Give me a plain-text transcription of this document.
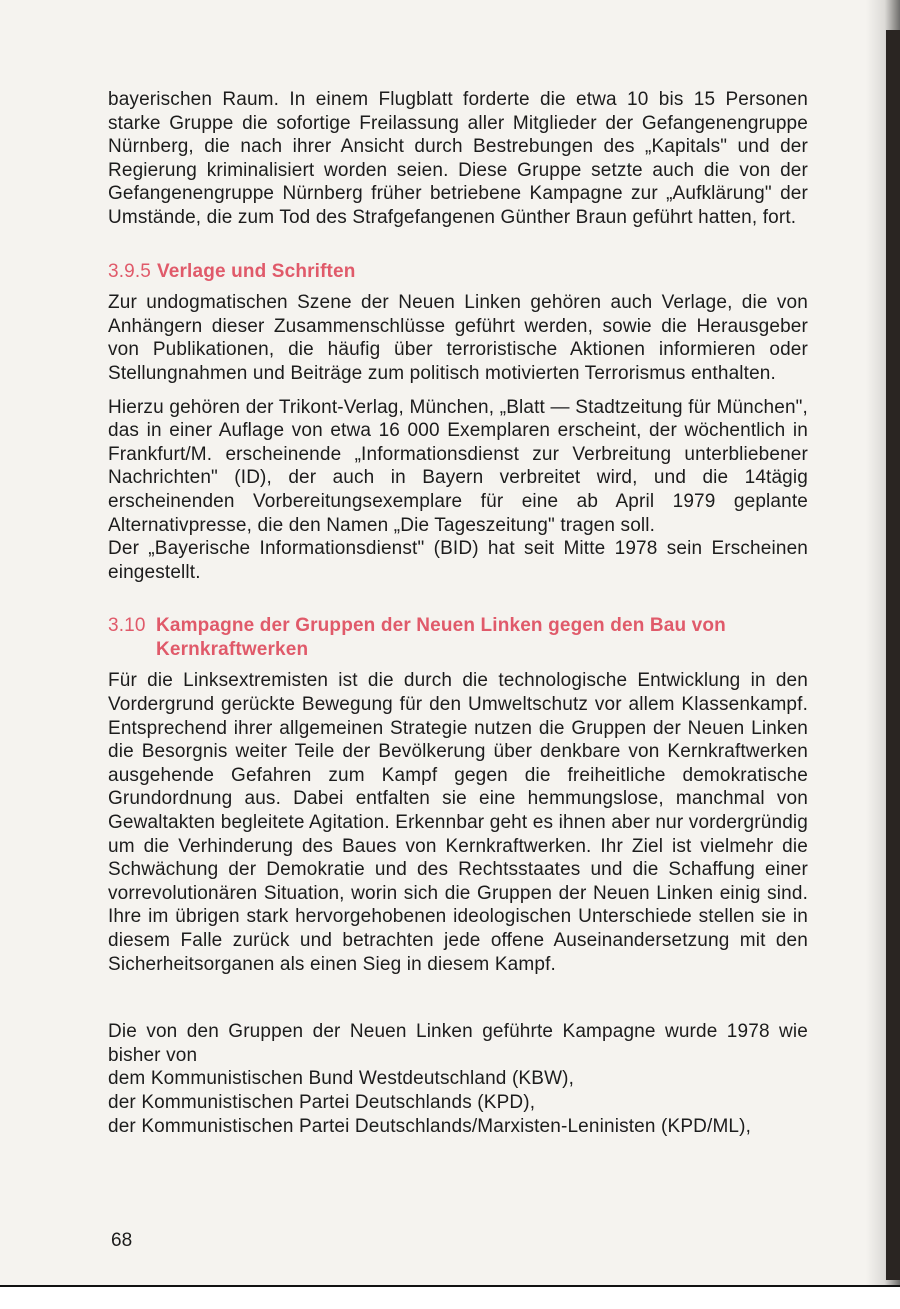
bayerischen Raum. In einem Flugblatt forderte die etwa 10 bis 15 Personen starke Gruppe die sofortige Freilassung aller Mitglieder der Gefangenengruppe Nürnberg, die nach ihrer Ansicht durch Bestrebungen des „Kapitals" und der Regierung kriminalisiert worden seien. Diese Gruppe setzte auch die von der Gefangenengruppe Nürnberg früher betriebene Kampagne zur „Aufklärung" der Umstände, die zum Tod des Strafgefangenen Günther Braun geführt hatten, fort.

3.9.5 Verlage und Schriften

Zur undogmatischen Szene der Neuen Linken gehören auch Verlage, die von Anhängern dieser Zusammenschlüsse geführt werden, sowie die Herausgeber von Publikationen, die häufig über terroristische Aktionen informieren oder Stellungnahmen und Beiträge zum politisch motivierten Terrorismus enthalten.

Hierzu gehören der Trikont-Verlag, München, „Blatt — Stadtzeitung für München", das in einer Auflage von etwa 16 000 Exemplaren erscheint, der wöchentlich in Frankfurt/M. erscheinende „Informationsdienst zur Verbreitung unterbliebener Nachrichten" (ID), der auch in Bayern verbreitet wird, und die 14tägig erscheinenden Vorbereitungsexemplare für eine ab April 1979 geplante Alternativpresse, die den Namen „Die Tageszeitung" tragen soll.

Der „Bayerische Informationsdienst" (BID) hat seit Mitte 1978 sein Erscheinen eingestellt.

3.10 Kampagne der Gruppen der Neuen Linken gegen den Bau von Kernkraftwerken

Für die Linksextremisten ist die durch die technologische Entwicklung in den Vordergrund gerückte Bewegung für den Umweltschutz vor allem Klassenkampf. Entsprechend ihrer allgemeinen Strategie nutzen die Gruppen der Neuen Linken die Besorgnis weiter Teile der Bevölkerung über denkbare von Kernkraftwerken ausgehende Gefahren zum Kampf gegen die freiheitliche demokratische Grundordnung aus. Dabei entfalten sie eine hemmungslose, manchmal von Gewaltakten begleitete Agitation. Erkennbar geht es ihnen aber nur vordergründig um die Verhinderung des Baues von Kernkraftwerken. Ihr Ziel ist vielmehr die Schwächung der Demokratie und des Rechtsstaates und die Schaffung einer vorrevolutionären Situation, worin sich die Gruppen der Neuen Linken einig sind. Ihre im übrigen stark hervorgehobenen ideologischen Unterschiede stellen sie in diesem Falle zurück und betrachten jede offene Auseinandersetzung mit den Sicherheitsorganen als einen Sieg in diesem Kampf.

Die von den Gruppen der Neuen Linken geführte Kampagne wurde 1978 wie bisher von

dem Kommunistischen Bund Westdeutschland (KBW),
der Kommunistischen Partei Deutschlands (KPD),
der Kommunistischen Partei Deutschlands/Marxisten-Leninisten (KPD/ML),
68
